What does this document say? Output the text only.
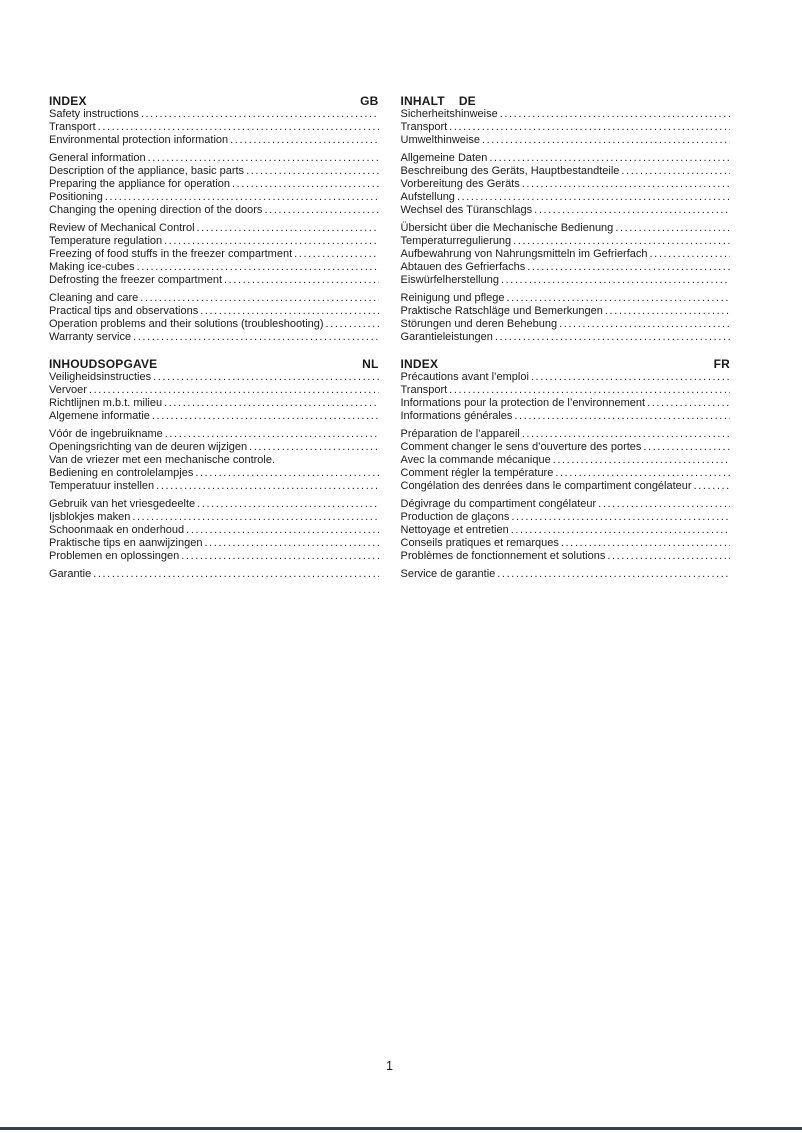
INDEX	GB
Safety instructions
.....
Transport
.....
Environmental protection information
.....
General information
.....
Description of the appliance, basic parts
.....
Preparing the appliance for operation
.....
Positioning
.....
Changing the opening direction of the doors
.....
Review of Mechanical Control
.....
Temperature regulation
.....
Freezing of food stuffs in the freezer compartment
.....
Making ice-cubes
.....
Defrosting the freezer compartment
.....
Cleaning and care
.....
Practical tips and observations
.....
Operation problems and their solutions (troubleshooting)
.....
Warranty service
.....
INHALT DE
Sicherheitshinweise
.....
Transport
.....
Umwelthinweise
.....
Allgemeine Daten
.....
Beschreibung des Geräts, Hauptbestandteile
.....
Vorbereitung des Geräts
.....
Aufstellung
.....
Wechsel des Türanschlags
.....
Übersicht über die Mechanische Bedienung
.....
Temperaturregulierung
.....
Aufbewahrung von Nahrungsmitteln im Gefrierfach
.....
Abtauen des Gefrierfachs
.....
Eiswürfelherstellung
.....
Reinigung und pflege
.....
Praktische Ratschläge und Bemerkungen
.....
Störungen und deren Behebung
.....
Garantieleistungen
.....
INHOUDSOPGAVE	NL
Veiligheidsinstructies
.....
Vervoer
.....
Richtlijnen m.b.t. milieu
.....
Algemene informatie
.....
Vóór de ingebruikname
.....
Openingsrichting van de deuren wijzigen
.....
Van de vriezer met een mechanische controle.
Bediening en controlelampjes
.....
Temperatuur instellen
.....
Gebruik van het vriesgedeelte
.....
Ijsblokjes maken
.....
Schoonmaak en onderhoud
.....
Praktische tips en aanwijzingen
.....
Problemen en oplossingen
.....
Garantie
.....
INDEX	FR
Précautions avant l’emploi
.....
Transport
.....
Informations pour la protection de l’environnement
.....
Informations générales
.....
Préparation de l’appareil
.....
Comment changer le sens d’ouverture des portes
.....
Avec la commande mécanique
.....
Comment régler la température
.....
Congélation des denrées dans le compartiment congélateur
.....
Dégivrage du compartiment congélateur
.....
Production de glaçons
.....
Nettoyage et entretien
.....
Conseils pratiques et remarques
.....
Problèmes de fonctionnement et solutions
.....
Service de garantie
.....
1
